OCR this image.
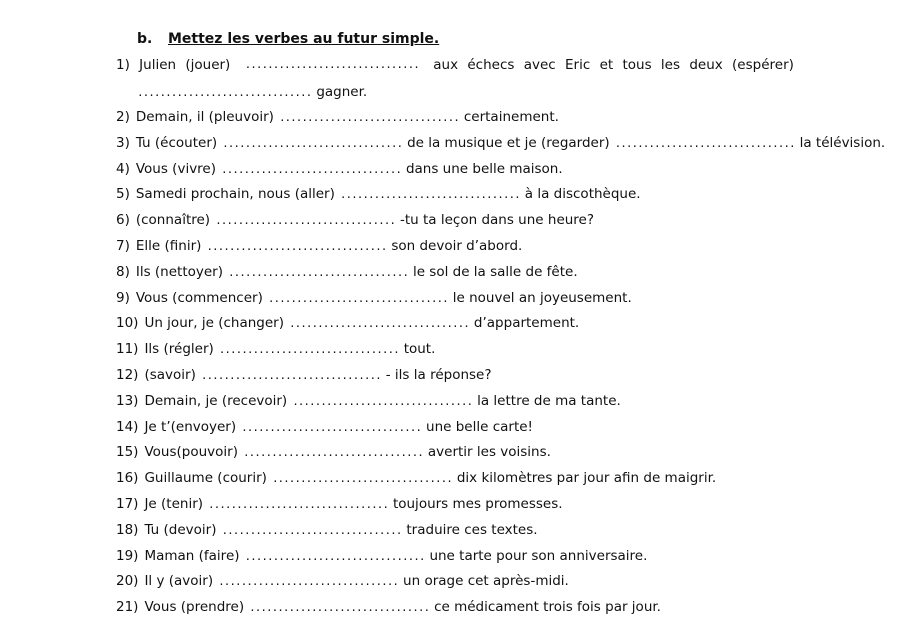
b. Mettez les verbes au futur simple.
1) Julien (jouer) ............................... aux échecs avec Eric et tous les deux (espérer)
............................... gagner.
2) Demain, il (pleuvoir) ................................ certainement.
3) Tu (écouter) ................................ de la musique et je (regarder) ................................ la télévision.
4) Vous (vivre) ................................ dans une belle maison.
5) Samedi prochain, nous (aller) ................................ à la discothèque.
6) (connaître) ................................ -tu ta leçon dans une heure?
7) Elle (finir) ................................ son devoir d’abord.
8) Ils (nettoyer) ................................ le sol de la salle de fête.
9) Vous (commencer) ................................ le nouvel an joyeusement.
10) Un jour, je (changer) ................................ d’appartement.
11) Ils (régler) ................................ tout.
12) (savoir) ................................ - ils la réponse?
13) Demain, je (recevoir) ................................ la lettre de ma tante.
14) Je t’(envoyer) ................................ une belle carte!
15) Vous(pouvoir) ................................ avertir les voisins.
16) Guillaume (courir) ................................ dix kilomètres par jour afin de maigrir.
17) Je (tenir) ................................ toujours mes promesses.
18) Tu (devoir) ................................ traduire ces textes.
19) Maman (faire) ................................ une tarte pour son anniversaire.
20) Il y (avoir) ................................ un orage cet après-midi.
21) Vous (prendre) ................................ ce médicament trois fois par jour.
